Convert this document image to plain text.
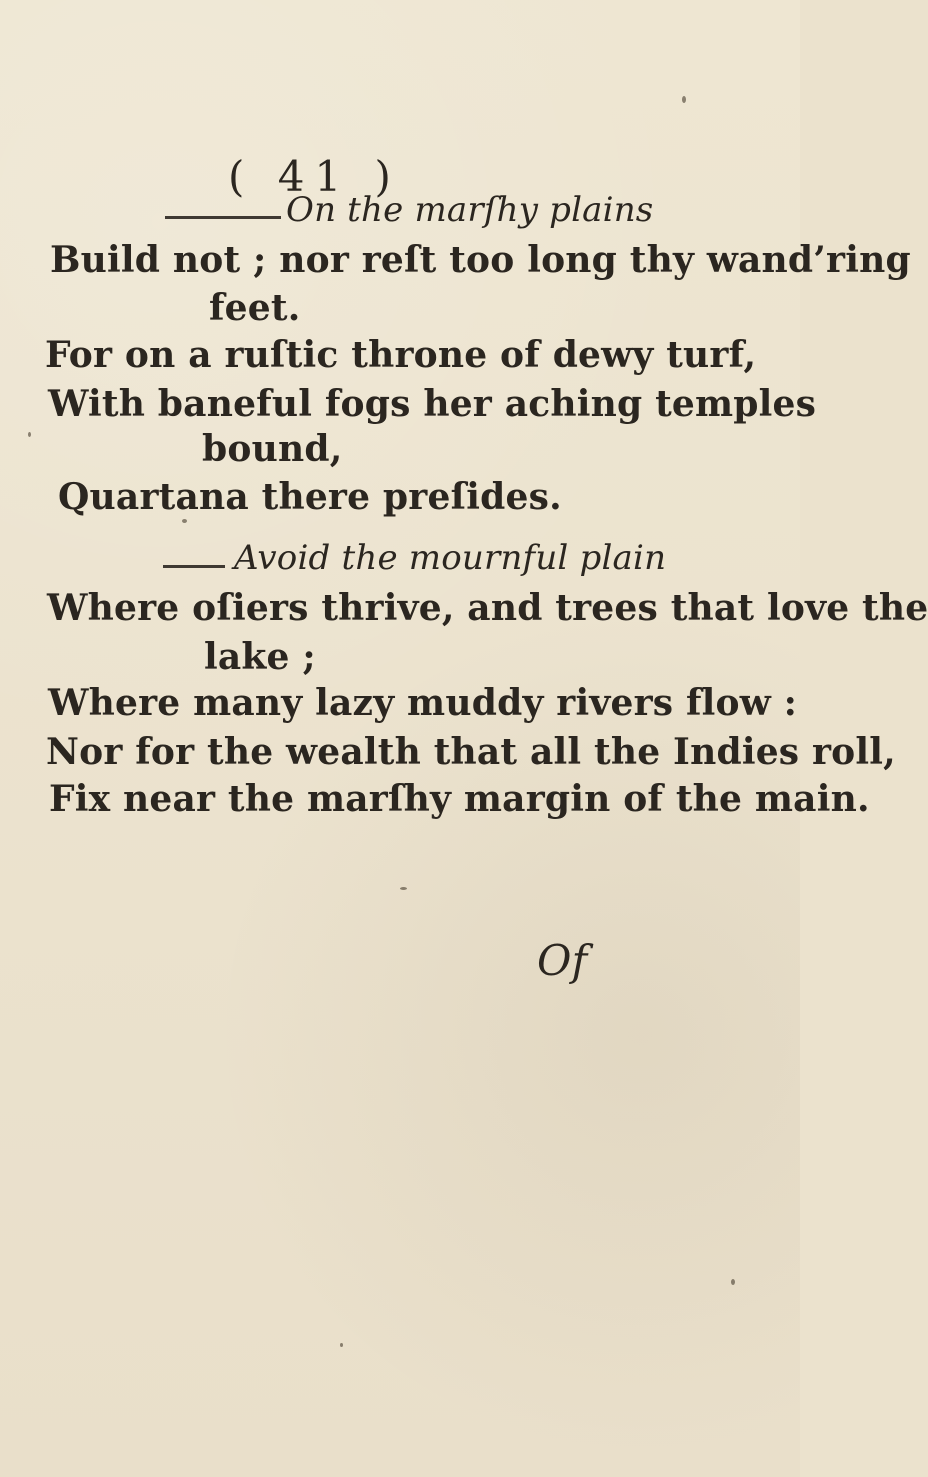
( 41 )
On the marſhy plains
Build not ; nor reſt too long thy wand’ring
feet.
For on a ruſtic throne of dewy turf,
With baneful fogs her aching temples
bound,
Quartana there preſides.
Avoid the mournful plain
Where oſiers thrive, and trees that love the
lake ;
Where many lazy muddy rivers flow :
Nor for the wealth that all the Indies roll,
Fix near the marſhy margin of the main.
Of
